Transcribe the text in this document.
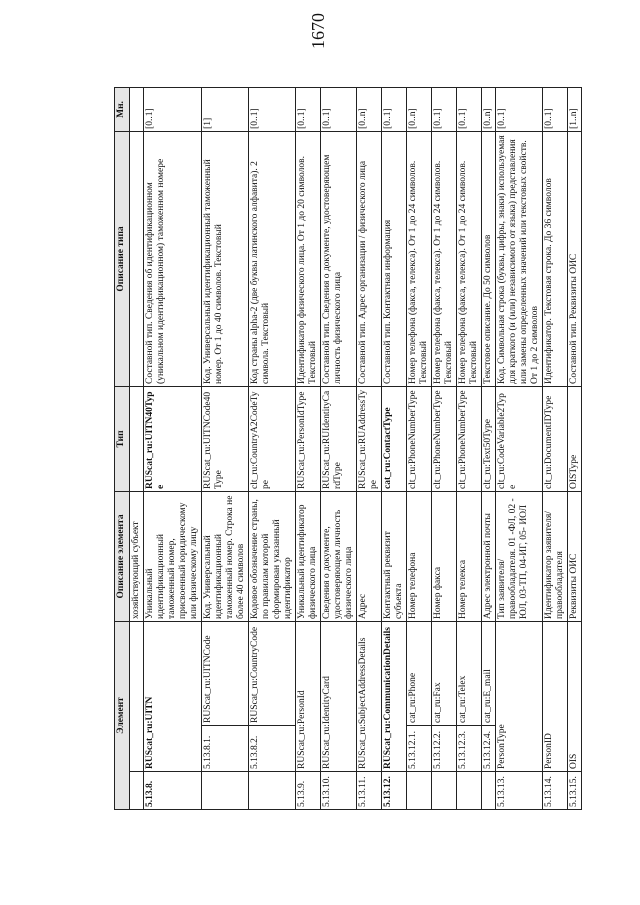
1670
Элемент			Описание элемента	Тип	Описание типа	Мн.
			хозяйствующий субъект			
5.13.8.	RUScat_ru:UITN		Уникальный идентификационный таможенный номер, присвоенный юридическому или физическому лицу	RUScat_ru:UITN40Type	Составной тип. Сведения об идентификационном (уникальном идентификационном) таможенном номере	[0..1]
	5.13.8.1.	RUScat_ru:UITNCode	Код. Универсальный идентификационный таможенный номер. Строка не более 40 символов	RUScat_ru:UITNCode40Type	Код. Универсальный идентификационный таможенный номер. От 1 до 40 символов. Текстовый	[1]
	5.13.8.2.	RUScat_ru:CountryCode	Кодовое обозначение страны, по правилам которой сформирован указанный идентификатор	clt_ru:CountryA2CodeType	Код страны alpha-2 (две буквы латинского алфавита). 2 символа. Текстовый	[0..1]
5.13.9.	RUScat_ru:PersonId		Уникальный идентификатор физического лица	RUScat_ru:PersonIdType	Идентификатор физического лица. От 1 до 20 символов. Текстовый	[0..1]
5.13.10.	RUScat_ru:IdentityCard		Сведения о документе, удостоверяющем личность физического лица	RUScat_ru:RUIdentityCardType	Составной тип. Сведения о документе, удостоверяющем личность физического лица	[0..1]
5.13.11.	RUScat_ru:SubjectAddressDetails		Адрес	RUScat_ru:RUAddressType	Составной тип. Адрес организации / физического лица	[0..n]
5.13.12.	RUScat_ru:CommunicationDetails		Контактный реквизит субъекта	cat_ru:ContactType	Составной тип. Контактная информация	[0..1]
	5.13.12.1.	cat_ru:Phone	Номер телефона	clt_ru:PhoneNumberType	Номер телефона (факса, телекса). От 1 до 24 символов. Текстовый	[0..n]
	5.13.12.2.	cat_ru:Fax	Номер факса	clt_ru:PhoneNumberType	Номер телефона (факса, телекса). От 1 до 24 символов. Текстовый	[0..1]
	5.13.12.3.	cat_ru:Telex	Номер телекса	clt_ru:PhoneNumberType	Номер телефона (факса, телекса). От 1 до 24 символов. Текстовый	[0..1]
	5.13.12.4.	cat_ru:E_mail	Адрес электронной почты	clt_ru:Text50Type	Текстовое описание. До 50 символов	[0..n]
5.13.13.	PersonType		Тип заявителя/правообладателя. 01 -ФЛ, 02 - ЮЛ, 03-ТП, 04-ИГ, 05- ИОЛ	clt_ru:CodeVariable2Type	Код. Символьная строка (буквы, цифры, знаки) используемая для краткого (и (или) независимого от языка) представления или замены определенных значений или текстовых свойств. От 1 до 2 символов	[0..1]
5.13.14.	PersonID		Идентификатор заявителя/правообладателя	clt_ru:DocumentIDType	Идентификатор. Текстовая строка. До 36 символов	[0..1]
5.13.15.	OIS		Реквизиты ОИС	OISType	Составной тип. Реквизиты ОИС	[1..n]
